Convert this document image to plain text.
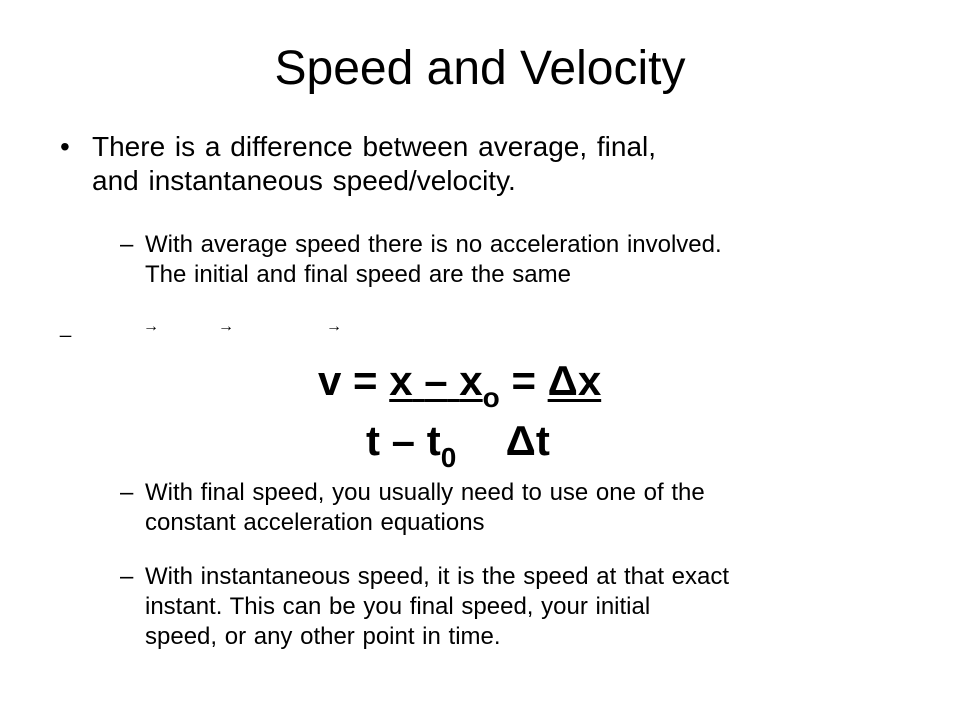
Speed and Velocity
• There is a difference between average, final,
and instantaneous speed/velocity.
– With average speed there is no acceleration involved.
The initial and final speed are the same
_	→	→	→
$v = x - x_o = \Delta x$
t – $t_0$ Δt
– With final speed, you usually need to use one of the
constant acceleration equations
– With instantaneous speed, it is the speed at that exact
instant. This can be you final speed, your initial
speed, or any other point in time.
